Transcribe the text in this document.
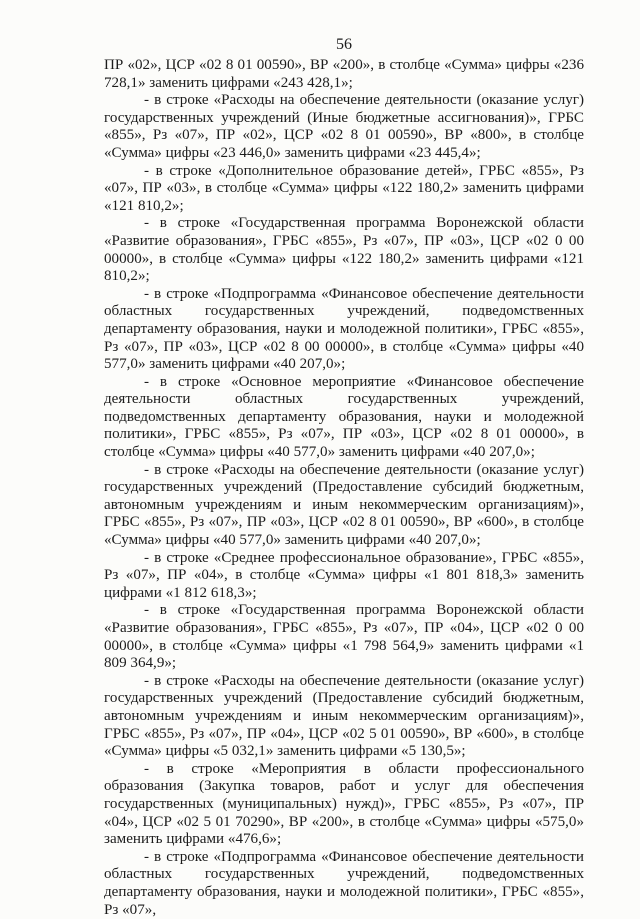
56

ПР «02», ЦСР «02 8 01 00590», ВР «200», в столбце «Сумма» цифры «236 728,1» заменить цифрами «243 428,1»;

- в строке «Расходы на обеспечение деятельности (оказание услуг) государственных учреждений (Иные бюджетные ассигнования)», ГРБС «855», Рз «07», ПР «02», ЦСР «02 8 01 00590», ВР «800», в столбце «Сумма» цифры «23 446,0» заменить цифрами «23 445,4»;

- в строке «Дополнительное образование детей», ГРБС «855», Рз «07», ПР «03», в столбце «Сумма» цифры «122 180,2» заменить цифрами «121 810,2»;

- в строке «Государственная программа Воронежской области «Развитие образования», ГРБС «855», Рз «07», ПР «03», ЦСР «02 0 00 00000», в столбце «Сумма» цифры «122 180,2» заменить цифрами «121 810,2»;

- в строке «Подпрограмма «Финансовое обеспечение деятельности областных государственных учреждений, подведомственных департаменту образования, науки и молодежной политики», ГРБС «855», Рз «07», ПР «03», ЦСР «02 8 00 00000», в столбце «Сумма» цифры «40 577,0» заменить цифрами «40 207,0»;

- в строке «Основное мероприятие «Финансовое обеспечение деятельности областных государственных учреждений, подведомственных департаменту образования, науки и молодежной политики», ГРБС «855», Рз «07», ПР «03», ЦСР «02 8 01 00000», в столбце «Сумма» цифры «40 577,0» заменить цифрами «40 207,0»;

- в строке «Расходы на обеспечение деятельности (оказание услуг) государственных учреждений (Предоставление субсидий бюджетным, автономным учреждениям и иным некоммерческим организациям)», ГРБС «855», Рз «07», ПР «03», ЦСР «02 8 01 00590», ВР «600», в столбце «Сумма» цифры «40 577,0» заменить цифрами «40 207,0»;

- в строке «Среднее профессиональное образование», ГРБС «855», Рз «07», ПР «04», в столбце «Сумма» цифры «1 801 818,3» заменить цифрами «1 812 618,3»;

- в строке «Государственная программа Воронежской области «Развитие образования», ГРБС «855», Рз «07», ПР «04», ЦСР «02 0 00 00000», в столбце «Сумма» цифры «1 798 564,9» заменить цифрами «1 809 364,9»;

- в строке «Расходы на обеспечение деятельности (оказание услуг) государственных учреждений (Предоставление субсидий бюджетным, автономным учреждениям и иным некоммерческим организациям)», ГРБС «855», Рз «07», ПР «04», ЦСР «02 5 01 00590», ВР «600», в столбце «Сумма» цифры «5 032,1» заменить цифрами «5 130,5»;

- в строке «Мероприятия в области профессионального образования (Закупка товаров, работ и услуг для обеспечения государственных (муниципальных) нужд)», ГРБС «855», Рз «07», ПР «04», ЦСР «02 5 01 70290», ВР «200», в столбце «Сумма» цифры «575,0» заменить цифрами «476,6»;

- в строке «Подпрограмма «Финансовое обеспечение деятельности областных государственных учреждений, подведомственных департаменту образования, науки и молодежной политики», ГРБС «855», Рз «07»,
